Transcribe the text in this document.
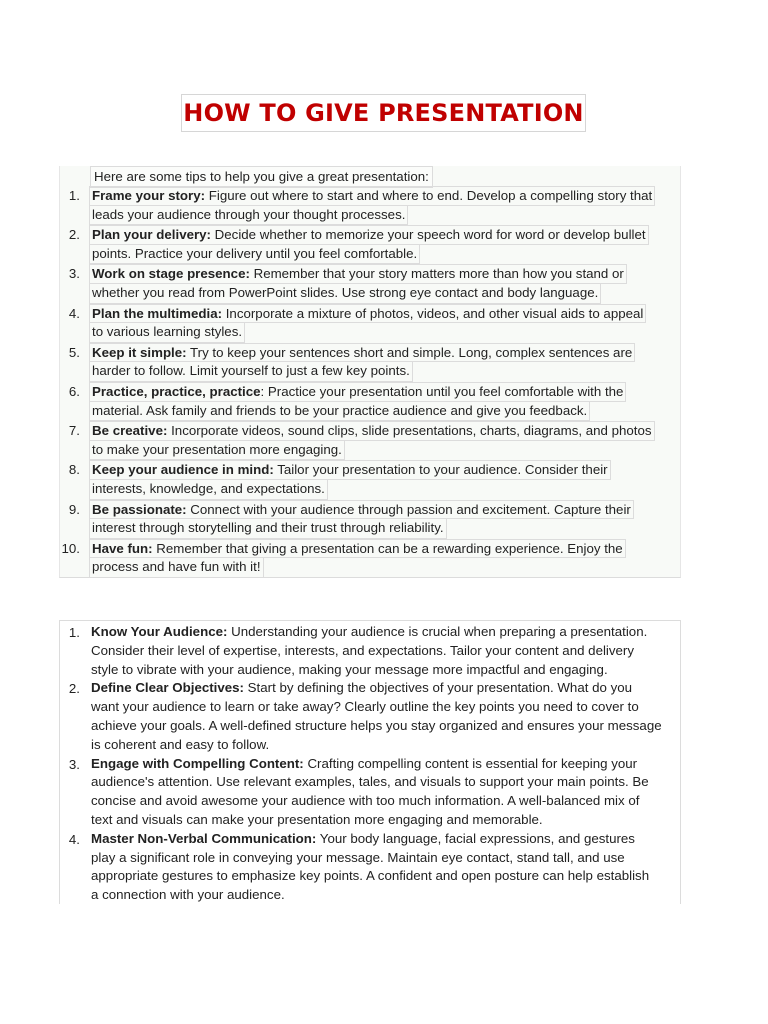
HOW TO GIVE PRESENTATION
Here are some tips to help you give a great presentation:
1. Frame your story: Figure out where to start and where to end. Develop a compelling story that
leads your audience through your thought processes.
2. Plan your delivery: Decide whether to memorize your speech word for word or develop bullet
points. Practice your delivery until you feel comfortable.
3. Work on stage presence: Remember that your story matters more than how you stand or
whether you read from PowerPoint slides. Use strong eye contact and body language.
4. Plan the multimedia: Incorporate a mixture of photos, videos, and other visual aids to appeal
to various learning styles.
5. Keep it simple: Try to keep your sentences short and simple. Long, complex sentences are
harder to follow. Limit yourself to just a few key points.
6. Practice, practice, practice: Practice your presentation until you feel comfortable with the
material. Ask family and friends to be your practice audience and give you feedback.
7. Be creative: Incorporate videos, sound clips, slide presentations, charts, diagrams, and photos
to make your presentation more engaging.
8. Keep your audience in mind: Tailor your presentation to your audience. Consider their
interests, knowledge, and expectations.
9. Be passionate: Connect with your audience through passion and excitement. Capture their
interest through storytelling and their trust through reliability.
10. Have fun: Remember that giving a presentation can be a rewarding experience. Enjoy the
process and have fun with it!
1. Know Your Audience: Understanding your audience is crucial when preparing a presentation.
Consider their level of expertise, interests, and expectations. Tailor your content and delivery
style to vibrate with your audience, making your message more impactful and engaging.
2. Define Clear Objectives: Start by defining the objectives of your presentation. What do you
want your audience to learn or take away? Clearly outline the key points you need to cover to
achieve your goals. A well-defined structure helps you stay organized and ensures your message
is coherent and easy to follow.
3. Engage with Compelling Content: Crafting compelling content is essential for keeping your
audience's attention. Use relevant examples, tales, and visuals to support your main points. Be
concise and avoid awesome your audience with too much information. A well-balanced mix of
text and visuals can make your presentation more engaging and memorable.
4. Master Non-Verbal Communication: Your body language, facial expressions, and gestures
play a significant role in conveying your message. Maintain eye contact, stand tall, and use
appropriate gestures to emphasize key points. A confident and open posture can help establish
a connection with your audience.
